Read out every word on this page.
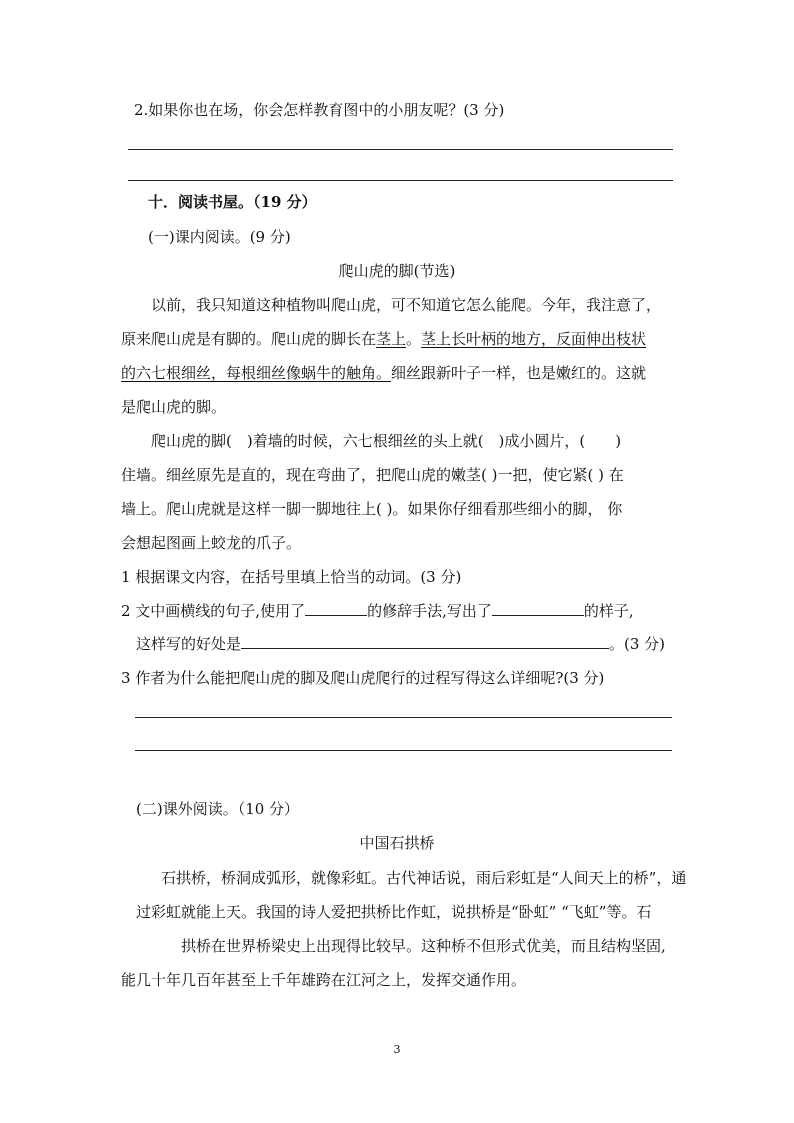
2.如果你也在场，你会怎样教育图中的小朋友呢？(3 分)
十．阅读书屋。（19 分）
(一)课内阅读。(9 分)
爬山虎的脚(节选)
以前，我只知道这种植物叫爬山虎，可不知道它怎么能爬。今年，我注意了，
原来爬山虎是有脚的。爬山虎的脚长在茎上。茎上长叶柄的地方，反面伸出枝状
的六七根细丝，每根细丝像蜗牛的触角。细丝跟新叶子一样，也是嫩红的。这就
是爬山虎的脚。
爬山虎的脚(　)着墙的时候，六七根细丝的头上就(　)成小圆片，(　　)
住墙。细丝原先是直的，现在弯曲了，把爬山虎的嫩茎( )一把，使它紧( ) 在
墙上。爬山虎就是这样一脚一脚地往上( )。如果你仔细看那些细小的脚， 你
会想起图画上蛟龙的爪子。
1 根据课文内容，在括号里填上恰当的动词。(3 分)
2 文中画横线的句子,使用了	的修辞手法,写出了	的样子,
这样写的好处是	。(3 分)
3 作者为什么能把爬山虎的脚及爬山虎爬行的过程写得这么详细呢?(3 分)
(二)课外阅读。（10 分）
中国石拱桥
石拱桥，桥洞成弧形，就像彩虹。古代神话说，雨后彩虹是“人间天上的桥”，通
过彩虹就能上天。我国的诗人爱把拱桥比作虹，说拱桥是“卧虹” “飞虹”等。石
拱桥在世界桥梁史上出现得比较早。这种桥不但形式优美，而且结构坚固,
能几十年几百年甚至上千年雄跨在江河之上，发挥交通作用。
3
